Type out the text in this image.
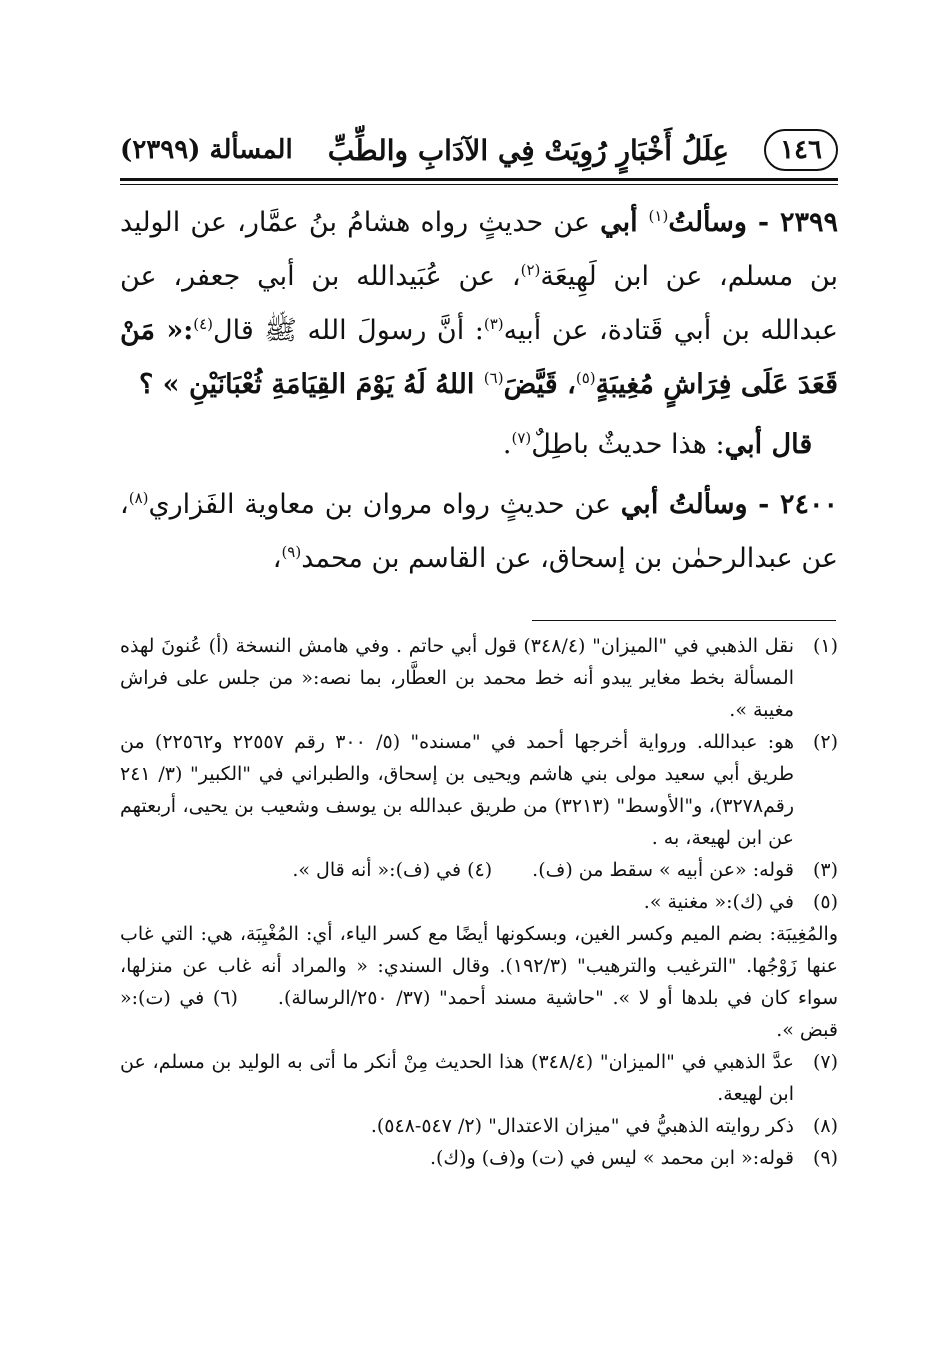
١٤٦
عِلَلُ أَخْبَارٍ رُوِيَتْ فِي الآدَابِ والطِّبِّ
المسألة (٢٣٩٩)

٢٣٩٩ - وسألتُ$^{(١)}$ أبي عن حديثٍ رواه هشامُ بنُ عمَّار، عن الوليد بن مسلم، عن ابن لَهِيعَة$^{(٢)}$، عن عُبَيدالله بن أبي جعفر، عن عبدالله بن أبي قَتادة، عن أبيه$^{(٣)}$: أنَّ رسولَ الله ﷺ قال$^{(٤)}$:« مَنْ قَعَدَ عَلَى فِرَاشٍ مُغِيبَةٍ$^{(٥)}$، قَيَّضَ$^{(٦)}$ اللهُ لَهُ يَوْمَ القِيَامَةِ ثُعْبَانَيْنِ » ؟

قال أبي: هذا حديثٌ باطِلٌ$^{(٧)}$.

٢٤٠٠ - وسألتُ أبي عن حديثٍ رواه مروان بن معاوية الفَزاري$^{(٨)}$، عن عبدالرحمٰن بن إسحاق، عن القاسم بن محمد$^{(٩)}$،

(١)
نقل الذهبي في "الميزان" (٣٤٨/٤) قول أبي حاتم . وفي هامش النسخة (أ) عُنونَ لهذه المسألة بخط مغاير يبدو أنه خط محمد بن العطَّار، بما نصه:« من جلس على فراش مغيبة ».
(٢)
هو: عبدالله. ورواية أخرجها أحمد في "مسنده" (٥/ ٣٠٠ رقم ٢٢٥٥٧ و٢٢٥٦٢) من طريق أبي سعيد مولى بني هاشم ويحيى بن إسحاق، والطبراني في "الكبير" (٣/ ٢٤١ رقم٣٢٧٨)، و"الأوسط" (٣٢١٣) من طريق عبدالله بن يوسف وشعيب بن يحيى، أربعتهم عن ابن لهيعة، به .
(٣)
قوله: «عن أبيه » سقط من (ف).(٤) في (ف):« أنه قال ».
(٥)
في (ك):« مغنية ».
والمُغِيبَة: بضم الميم وكسر الغين، وبسكونها أيضًا مع كسر الياء، أي: المُغْيِبَة، هي: التي غاب عنها زَوْجُها. "الترغيب والترهيب" (١٩٢/٣). وقال السندي: « والمراد أنه غاب عن منزلها، سواء كان في بلدها أو لا ». "حاشية مسند أحمد" (٣٧/ ٢٥٠/الرسالة).(٦) في (ت):« قبض ».
(٧)
عدَّ الذهبي في "الميزان" (٣٤٨/٤) هذا الحديث مِنْ أنكر ما أتى به الوليد بن مسلم، عن ابن لهيعة.
(٨)
ذكر روايته الذهبيُّ في "ميزان الاعتدال" (٢/ ٥٤٧-٥٤٨).
(٩)
قوله:« ابن محمد » ليس في (ت) و(ف) و(ك).
